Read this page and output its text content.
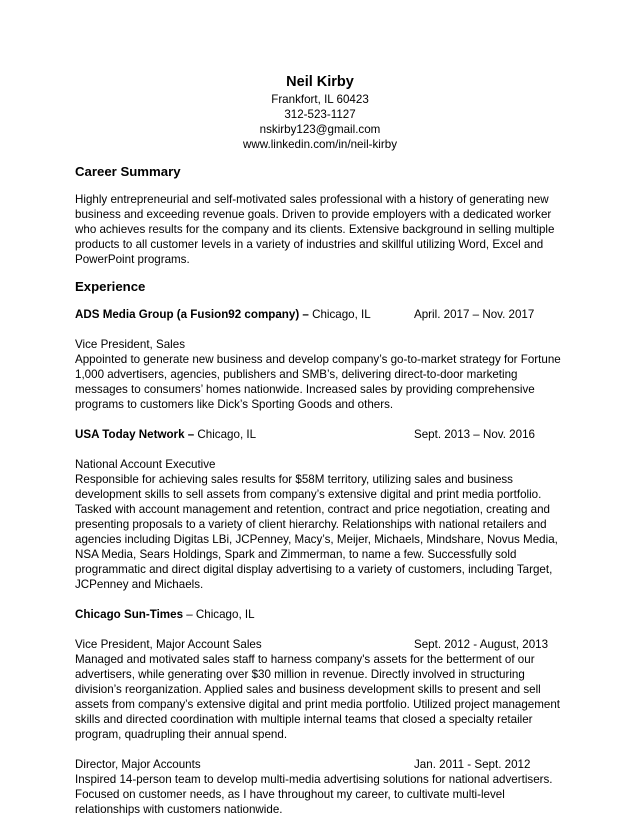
Neil Kirby
Frankfort, IL 60423
312-523-1127
nskirby123@gmail.com
www.linkedin.com/in/neil-kirby
Career Summary

Highly entrepreneurial and self-motivated sales professional with a history of generating new business and exceeding revenue goals. Driven to provide employers with a dedicated worker who achieves results for the company and its clients. Extensive background in selling multiple products to all customer levels in a variety of industries and skillful utilizing Word, Excel and PowerPoint programs.

Experience
ADS Media Group (a Fusion92 company) – Chicago, IL	April. 2017 – Nov. 2017
Vice President, Sales

Appointed to generate new business and develop company’s go-to-market strategy for Fortune 1,000 advertisers, agencies, publishers and SMB’s, delivering direct-to-door marketing messages to consumers’ homes nationwide. Increased sales by providing comprehensive programs to customers like Dick’s Sporting Goods and others.

USA Today Network – Chicago, IL	Sept. 2013 – Nov. 2016
National Account Executive

Responsible for achieving sales results for $58M territory, utilizing sales and business development skills to sell assets from company’s extensive digital and print media portfolio. Tasked with account management and retention, contract and price negotiation, creating and presenting proposals to a variety of client hierarchy. Relationships with national retailers and agencies including Digitas LBi, JCPenney, Macy’s, Meijer, Michaels, Mindshare, Novus Media, NSA Media, Sears Holdings, Spark and Zimmerman, to name a few. Successfully sold programmatic and direct digital display advertising to a variety of customers, including Target, JCPenney and Michaels.

Chicago Sun-Times – Chicago, IL
Vice President, Major Account Sales	Sept. 2012 - August, 2013

Managed and motivated sales staff to harness company's assets for the betterment of our advertisers, while generating over $30 million in revenue. Directly involved in structuring division’s reorganization. Applied sales and business development skills to present and sell assets from company’s extensive digital and print media portfolio. Utilized project management skills and directed coordination with multiple internal teams that closed a specialty retailer program, quadrupling their annual spend.

Director, Major Accounts	Jan. 2011 - Sept. 2012

Inspired 14-person team to develop multi-media advertising solutions for national advertisers. Focused on customer needs, as I have throughout my career, to cultivate multi-level relationships with customers nationwide.
